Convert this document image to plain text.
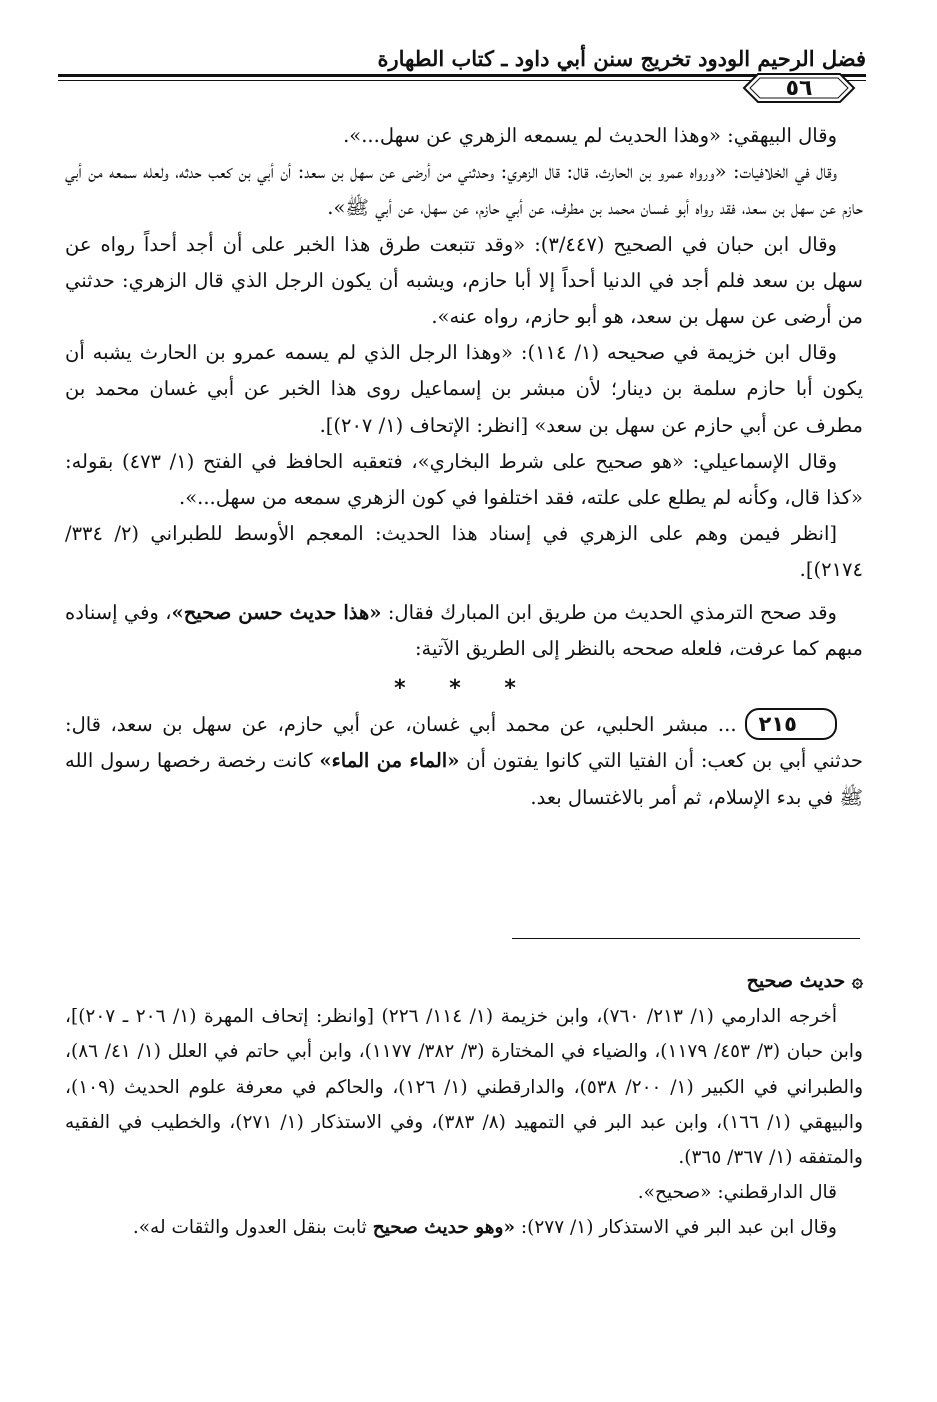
فضل الرحيم الودود تخريج سنن أبي داود ـ كتاب الطهارة
٥٦

وقال البيهقي: «وهذا الحديث لم يسمعه الزهري عن سهل...».

وقال في الخلافيات: «ورواه عمرو بن الحارث، قال: قال الزهري: وحدثني من أرضى عن سهل بن سعد: أن أبي بن كعب حدثه، ولعله سمعه من أبي حازم عن سهل بن سعد، فقد رواه أبو غسان محمد بن مطرف، عن أبي حازم، عن سهل، عن أبي ﷺ».

وقال ابن حبان في الصحيح (٣/٤٤٧): «وقد تتبعت طرق هذا الخبر على أن أجد أحداً رواه عن سهل بن سعد فلم أجد في الدنيا أحداً إلا أبا حازم، ويشبه أن يكون الرجل الذي قال الزهري: حدثني من أرضى عن سهل بن سعد، هو أبو حازم، رواه عنه».

وقال ابن خزيمة في صحيحه (١/ ١١٤): «وهذا الرجل الذي لم يسمه عمرو بن الحارث يشبه أن يكون أبا حازم سلمة بن دينار؛ لأن مبشر بن إسماعيل روى هذا الخبر عن أبي غسان محمد بن مطرف عن أبي حازم عن سهل بن سعد» [انظر: الإتحاف (١/ ٢٠٧)].

وقال الإسماعيلي: «هو صحيح على شرط البخاري»، فتعقبه الحافظ في الفتح (١/ ٤٧٣) بقوله: «كذا قال، وكأنه لم يطلع على علته، فقد اختلفوا في كون الزهري سمعه من سهل...».

[انظر فيمن وهم على الزهري في إسناد هذا الحديث: المعجم الأوسط للطبراني (٢/ ٣٣٤/ ٢١٧٤)].

وقد صحح الترمذي الحديث من طريق ابن المبارك فقال: «هذا حديث حسن صحيح»، وفي إسناده مبهم كما عرفت، فلعله صححه بالنظر إلى الطريق الآتية:

* * *

٢١٥... مبشر الحلبي، عن محمد أبي غسان، عن أبي حازم، عن سهل بن سعد، قال: حدثني أبي بن كعب: أن الفتيا التي كانوا يفتون أن «الماء من الماء» كانت رخصة رخصها رسول الله ﷺ في بدء الإسلام، ثم أمر بالاغتسال بعد.

۞ حديث صحيح

أخرجه الدارمي (١/ ٢١٣/ ٧٦٠)، وابن خزيمة (١/ ١١٤/ ٢٢٦) [وانظر: إتحاف المهرة (١/ ٢٠٦ ـ ٢٠٧)]، وابن حبان (٣/ ٤٥٣/ ١١٧٩)، والضياء في المختارة (٣/ ٣٨٢/ ١١٧٧)، وابن أبي حاتم في العلل (١/ ٤١/ ٨٦)، والطبراني في الكبير (١/ ٢٠٠/ ٥٣٨)، والدارقطني (١/ ١٢٦)، والحاكم في معرفة علوم الحديث (١٠٩)، والبيهقي (١/ ١٦٦)، وابن عبد البر في التمهيد (٨/ ٣٨٣)، وفي الاستذكار (١/ ٢٧١)، والخطيب في الفقيه والمتفقه (١/ ٣٦٧/ ٣٦٥).

قال الدارقطني: «صحيح».

وقال ابن عبد البر في الاستذكار (١/ ٢٧٧): «وهو حديث صحيح ثابت بنقل العدول والثقات له».
